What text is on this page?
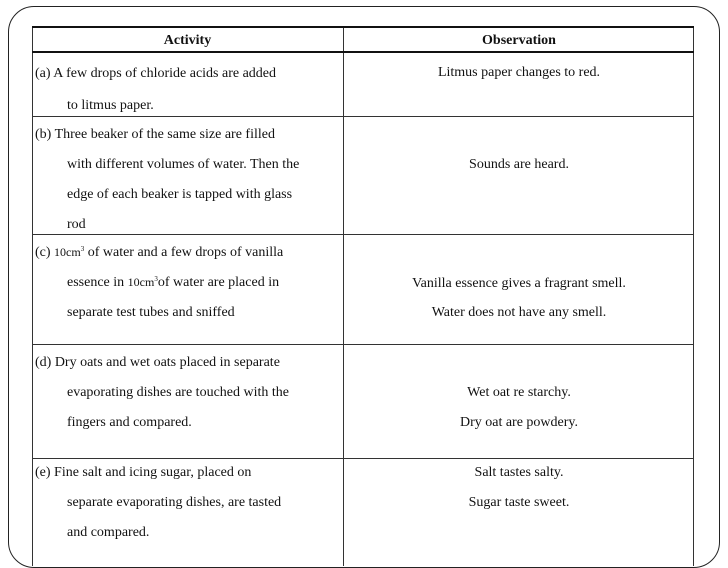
Activity	Observation
(a) A few drops of chloride acids are added
to litmus paper.
Litmus paper changes to red.
(b) Three beaker of the same size are filled
with different volumes of water. Then the
edge of each beaker is tapped with glass
rod
Sounds are heard.
(c) $10cm^3$ of water and a few drops of vanilla
essence in $10cm^3of$ water are placed in
separate test tubes and sniffed
Vanilla essence gives a fragrant smell.
Water does not have any smell.
(d) Dry oats and wet oats placed in separate
evaporating dishes are touched with the
fingers and compared.
Wet oat re starchy.
Dry oat are powdery.
(e) Fine salt and icing sugar, placed on
separate evaporating dishes, are tasted
and compared.
Salt tastes salty.
Sugar taste sweet.
